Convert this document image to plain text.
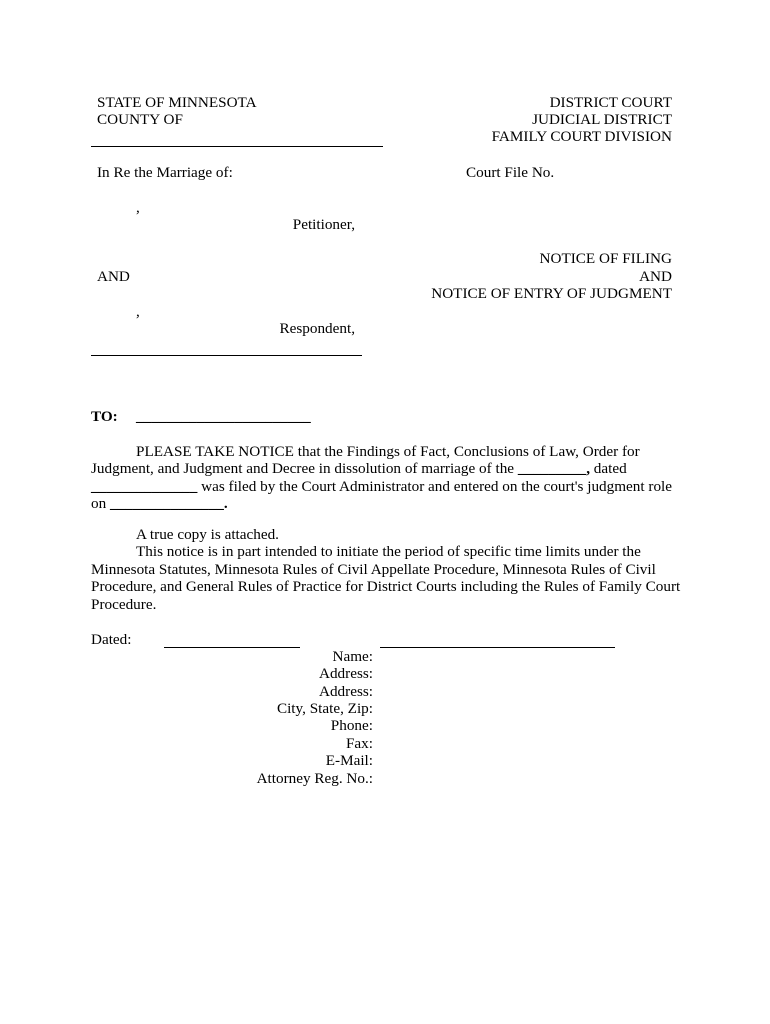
STATE OF MINNESOTA
COUNTY OF
DISTRICT COURT
JUDICIAL DISTRICT
FAMILY COURT DIVISION
In Re the Marriage of:	Court File No.
,
Petitioner,
AND
,
Respondent,
NOTICE OF FILING
AND
NOTICE OF ENTRY OF JUDGMENT
TO: _______________________
PLEASE TAKE NOTICE that the Findings of Fact, Conclusions of Law, Order for
Judgment, and Judgment and Decree in dissolution of marriage of the _________, dated
______________ was filed by the Court Administrator and entered on the court's judgment role
on _______________.
A true copy is attached.
This notice is in part intended to initiate the period of specific time limits under the
Minnesota Statutes, Minnesota Rules of Civil Appellate Procedure, Minnesota Rules of Civil
Procedure, and General Rules of Practice for District Courts including the Rules of Family Court
Procedure.
Dated:
Name:
Address:
Address:
City, State, Zip:
Phone:
Fax:
E-Mail:
Attorney Reg. No.:
